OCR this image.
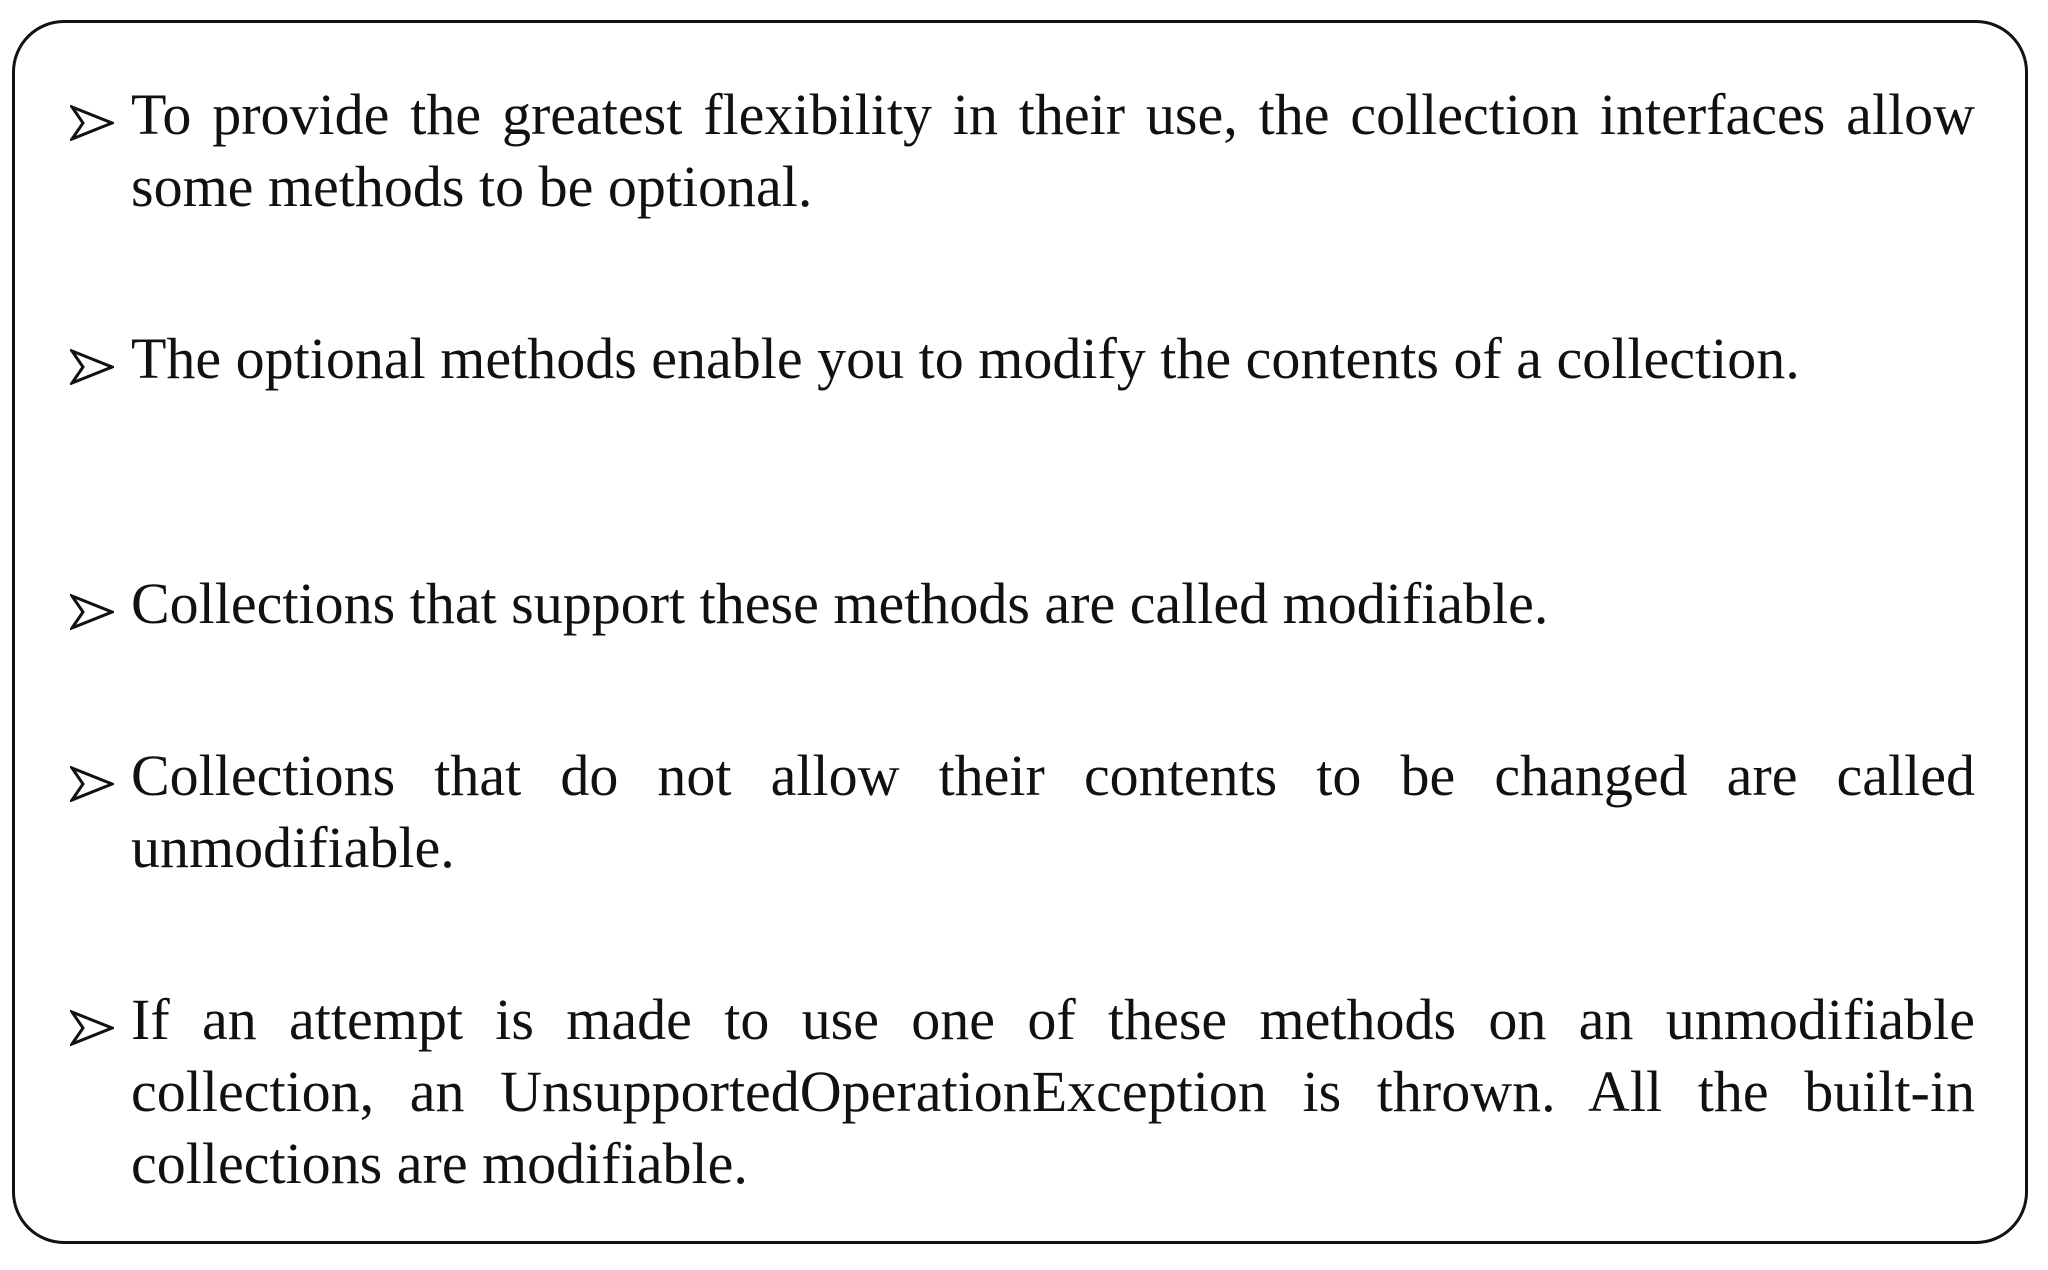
To provide the greatest flexibility in their use, the collection interfaces allow some methods to be optional.

The optional methods enable you to modify the contents of a collection.

Collections that support these methods are called modifiable.

Collections that do not allow their contents to be changed are called unmodifiable.

If an attempt is made to use one of these methods on an unmodifiable collection, an UnsupportedOperationException is thrown. All the built-in collections are modifiable.
